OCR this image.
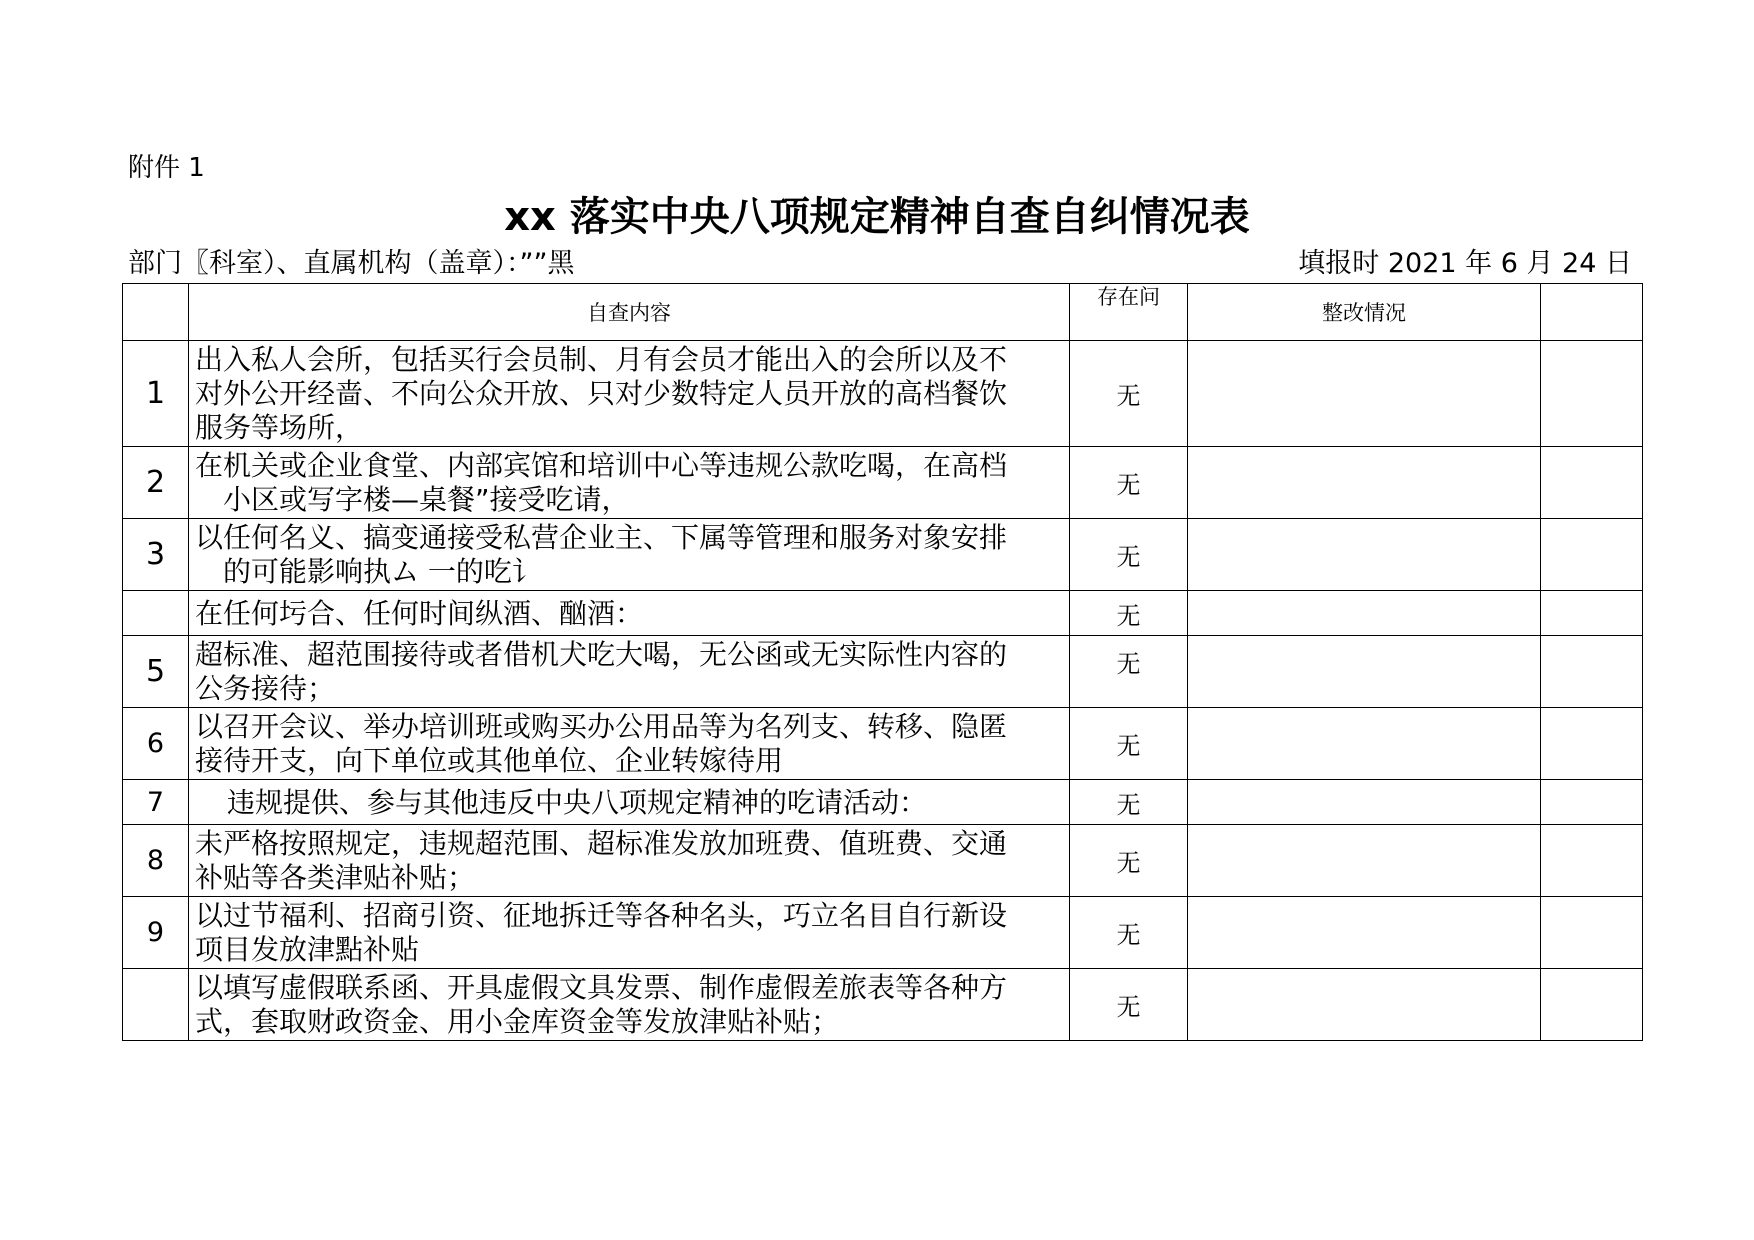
附件 1
xx 落实中央八项规定精神自查自纠情况表
部门〖科室）、直属机构（盖章）：””黑	填报时 2021 年 6 月 24 日
	自查内容	存在问	整改情况	
1	出入私人会所，包括买行会员制、月有会员才能出入的会所以及不
对外公开经啬、不向公众开放、只对少数特定人员开放的高档餐饮
服务等场所，	无		
2	在机关或企业食堂、内部宾馆和培训中心等违规公款吃喝，在高档
小区或写字楼—桌餐”接受吃请，	无		
3	以任何名义、搞变通接受私营企业主、下属等管理和服务对象安排
的可能影响执ム 一的吃讠	无		

	在任何圬合、任何时间纵酒、酗酒：	无		
5	超标准、超范围接待或者借机犬吃大喝，无公函或无实际性内容的
公务接待；	无		
6	以召开会议、举办培训班或购买办公用品等为名列支、转移、隐匿
接待开支，向下单位或其他单位、企业转嫁待用	无		
7	违规提供、参与其他违反中央八项规定精神的吃请活动：	无		
8	未严格按照规定，违规超范围、超标准发放加班费、值班费、交通
补贴等各类津贴补贴；	无		
9	以过节福利、招商引资、征地拆迁等各种名头，巧立名目自行新设
项目发放津點补贴	无		

	以填写虚假联系函、开具虚假文具发票、制作虚假差旅表等各种方
式，套取财政资金、用小金库资金等发放津贴补贴；	无		
